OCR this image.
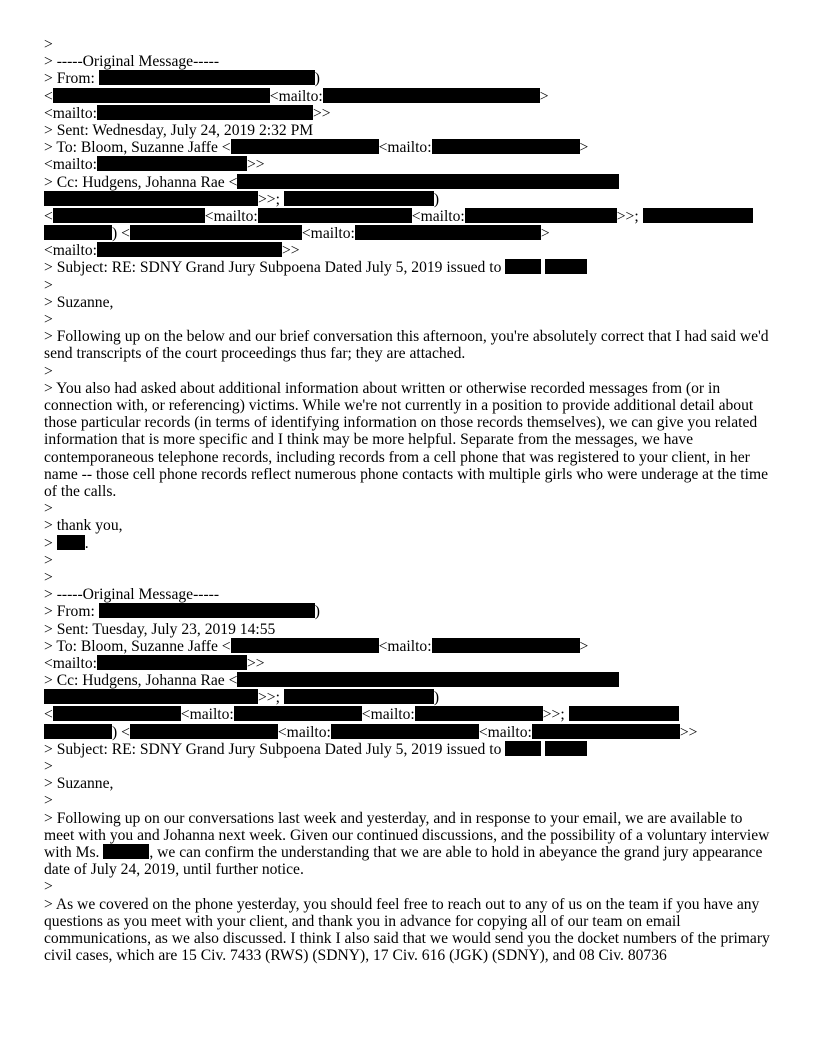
>
> -----Original Message-----
> From:	)
<	<mailto:	>
<mailto:	>>
> Sent: Wednesday, July 24, 2019 2:32 PM
> To: Bloom, Suzanne Jaffe <	<mailto:	>
<mailto:	>>
> Cc: Hudgens, Johanna Rae <
>>;	)
<	<mailto:	<mailto:	>>;
) <	<mailto:	>
<mailto:	>>
> Subject: RE: SDNY Grand Jury Subpoena Dated July 5, 2019 issued to
>
> Suzanne,
>
> Following up on the below and our brief conversation this afternoon, you're absolutely correct that I had said we'd send transcripts of the court proceedings thus far; they are attached.
>
> You also had asked about additional information about written or otherwise recorded messages from (or in connection with, or referencing) victims. While we're not currently in a position to provide additional detail about those particular records (in terms of identifying information on those records themselves), we can give you related information that is more specific and I think may be more helpful. Separate from the messages, we have contemporaneous telephone records, including records from a cell phone that was registered to your client, in her name -- those cell phone records reflect numerous phone contacts with multiple girls who were underage at the time of the calls.
>
> thank you,
> .
>
>
> -----Original Message-----
> From:	)
> Sent: Tuesday, July 23, 2019 14:55
> To: Bloom, Suzanne Jaffe <	<mailto:	>
<mailto:	>>
> Cc: Hudgens, Johanna Rae <
>>;	)
<	<mailto:	<mailto:	>>;
) <	<mailto:	<mailto:	>>
> Subject: RE: SDNY Grand Jury Subpoena Dated July 5, 2019 issued to
>
> Suzanne,
>
> Following up on our conversations last week and yesterday, and in response to your email, we are available to meet with you and Johanna next week. Given our continued discussions, and the possibility of a voluntary interview with Ms.	, we can confirm the understanding that we are able to hold in abeyance the grand jury appearance date of July 24, 2019, until further notice.
>
> As we covered on the phone yesterday, you should feel free to reach out to any of us on the team if you have any questions as you meet with your client, and thank you in advance for copying all of our team on email communications, as we also discussed. I think I also said that we would send you the docket numbers of the primary civil cases, which are 15 Civ. 7433 (RWS) (SDNY), 17 Civ. 616 (JGK) (SDNY), and 08 Civ. 80736
